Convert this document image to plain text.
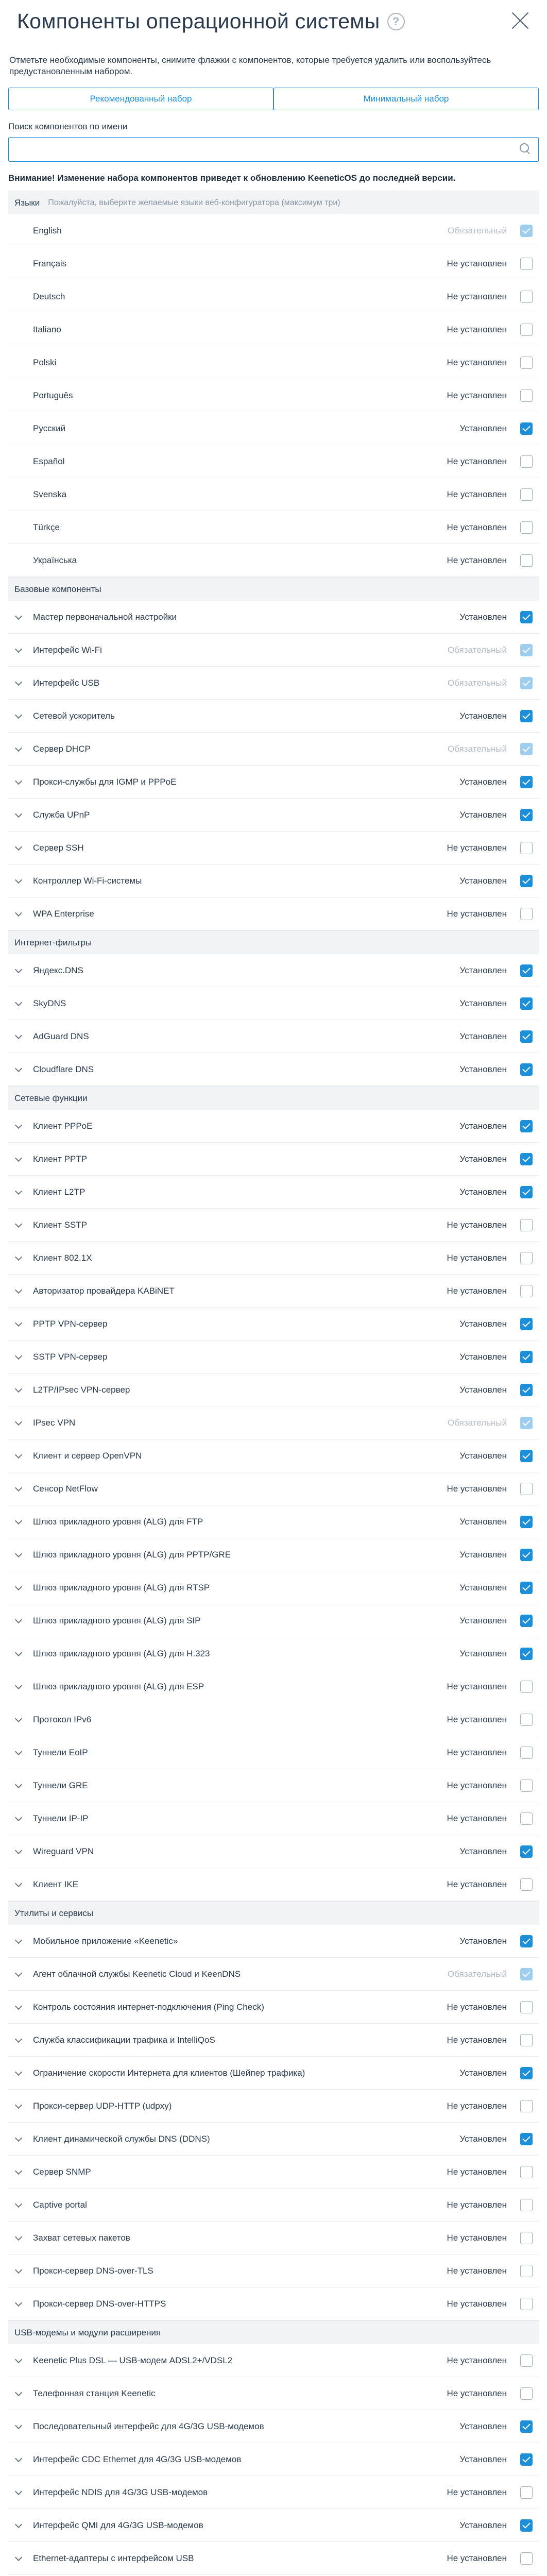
Компоненты операционной системы	?
Отметьте необходимые компоненты, снимите флажки с компонентов, которые требуется удалить или воспользуйтесь предустановленным набором.
Рекомендованный набор	Минимальный набор
Поиск компонентов по имени
Внимание! Изменение набора компонентов приведет к обновлению KeeneticOS до последней версии.
Языки Пожалуйста, выберите желаемые языки веб-конфигуратора (максимум три)
English	Обязательный
Français	Не установлен
Deutsch	Не установлен
Italiano	Не установлен
Polski	Не установлен
Português	Не установлен
Русский	Установлен
Español	Не установлен
Svenska	Не установлен
Türkçe	Не установлен
Українська	Не установлен
Базовые компоненты
Мастер первоначальной настройки	Установлен
Интерфейс Wi-Fi	Обязательный
Интерфейс USB	Обязательный
Сетевой ускоритель	Установлен
Сервер DHCP	Обязательный
Прокси-службы для IGMP и PPPoE	Установлен
Служба UPnP	Установлен
Сервер SSH	Не установлен
Контроллер Wi-Fi-системы	Установлен
WPA Enterprise	Не установлен
Интернет-фильтры
Яндекс.DNS	Установлен
SkyDNS	Установлен
AdGuard DNS	Установлен
Cloudflare DNS	Установлен
Сетевые функции
Клиент PPPoE	Установлен
Клиент PPTP	Установлен
Клиент L2TP	Установлен
Клиент SSTP	Не установлен
Клиент 802.1X	Не установлен
Авторизатор провайдера KABiNET	Не установлен
PPTP VPN-сервер	Установлен
SSTP VPN-сервер	Установлен
L2TP/IPsec VPN-сервер	Установлен
IPsec VPN	Обязательный
Клиент и сервер OpenVPN	Установлен
Сенсор NetFlow	Не установлен
Шлюз прикладного уровня (ALG) для FTP	Установлен
Шлюз прикладного уровня (ALG) для PPTP/GRE	Установлен
Шлюз прикладного уровня (ALG) для RTSP	Установлен
Шлюз прикладного уровня (ALG) для SIP	Установлен
Шлюз прикладного уровня (ALG) для H.323	Установлен
Шлюз прикладного уровня (ALG) для ESP	Не установлен
Протокол IPv6	Не установлен
Туннели EoIP	Не установлен
Туннели GRE	Не установлен
Туннели IP-IP	Не установлен
Wireguard VPN	Установлен
Клиент IKE	Не установлен
Утилиты и сервисы
Мобильное приложение «Keenetic»	Установлен
Агент облачной службы Keenetic Cloud и KeenDNS	Обязательный
Контроль состояния интернет-подключения (Ping Check)	Не установлен
Служба классификации трафика и IntelliQoS	Не установлен
Ограничение скорости Интернета для клиентов (Шейпер трафика)	Установлен
Прокси-сервер UDP-HTTP (udpxy)	Не установлен
Клиент динамической службы DNS (DDNS)	Установлен
Сервер SNMP	Не установлен
Captive portal	Не установлен
Захват сетевых пакетов	Не установлен
Прокси-сервер DNS-over-TLS	Не установлен
Прокси-сервер DNS-over-HTTPS	Не установлен
USB-модемы и модули расширения
Keenetic Plus DSL — USB-модем ADSL2+/VDSL2	Не установлен
Телефонная станция Keenetic	Не установлен
Последовательный интерфейс для 4G/3G USB-модемов	Установлен
Интерфейс CDC Ethernet для 4G/3G USB-модемов	Установлен
Интерфейс NDIS для 4G/3G USB-модемов	Не установлен
Интерфейс QMI для 4G/3G USB-модемов	Установлен
Ethernet-адаптеры с интерфейсом USB	Не установлен
